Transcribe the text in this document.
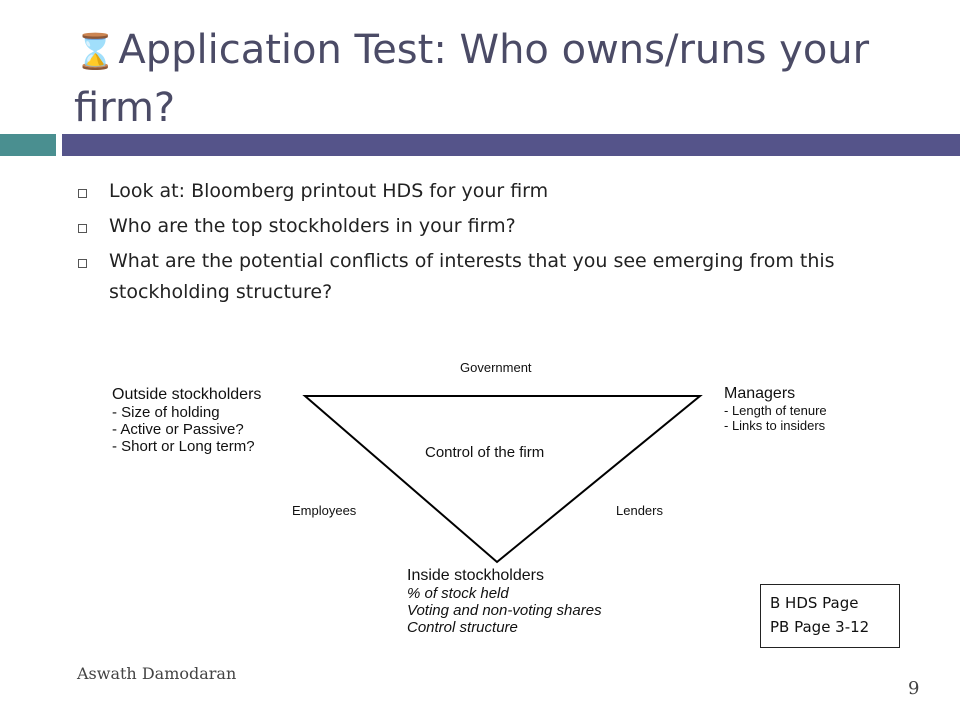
⌛Application Test: Who owns/runs your firm?
Look at: Bloomberg printout HDS for your firm
Who are the top stockholders in your firm?
What are the potential conflicts of interests that you see emerging from this stockholding structure?
Government
Control of the firm
Employees	Lenders
Outside stockholders
- Size of holding
- Active or Passive?
- Short or Long term?
Managers
- Length of tenure
- Links to insiders
Inside stockholders
% of stock held
Voting and non-voting shares
Control structure
B HDS Page
PB Page 3-12
Aswath Damodaran
9
